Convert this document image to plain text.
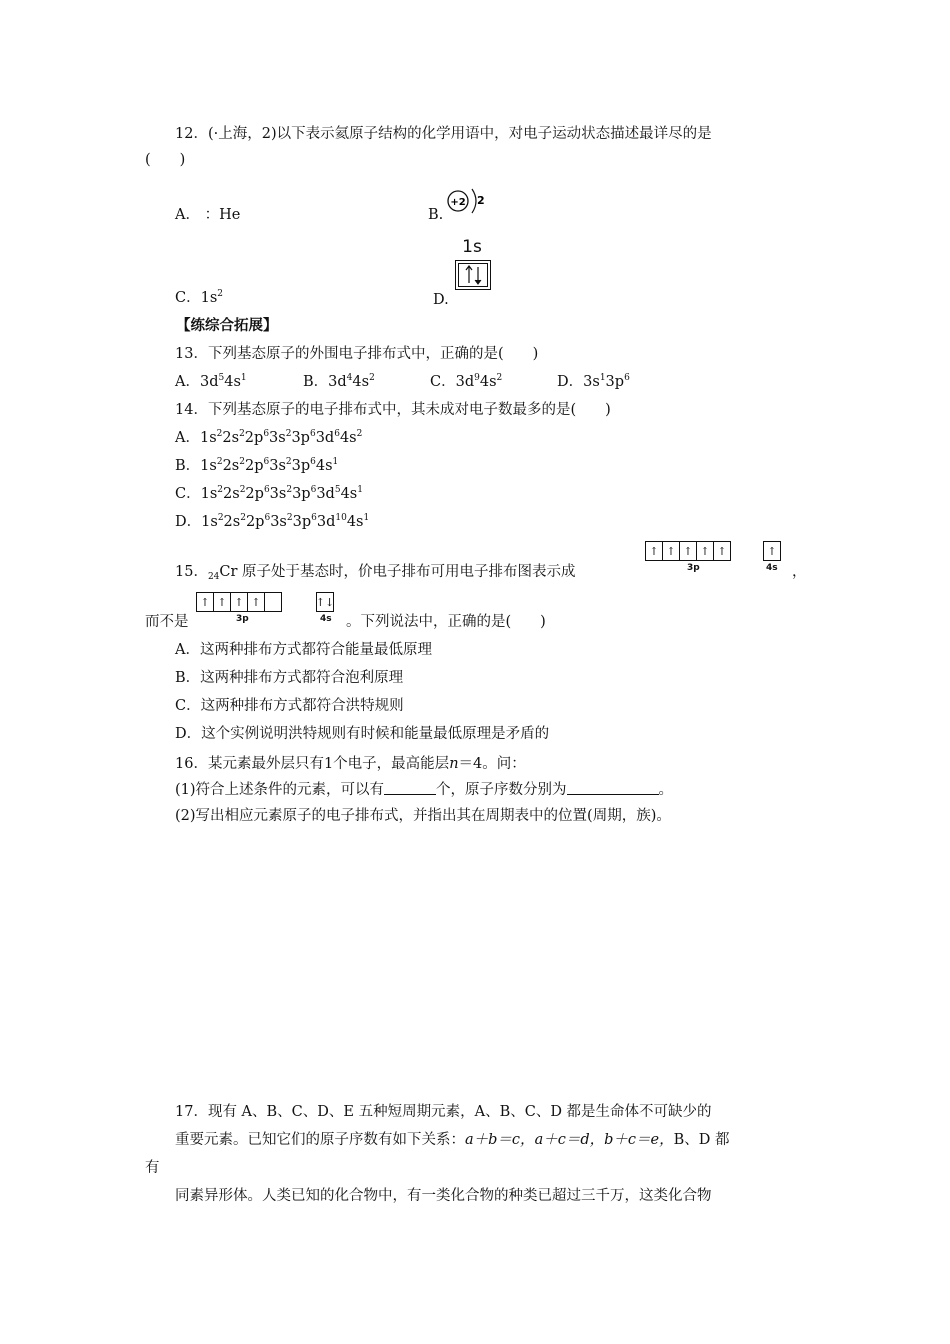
12．(·上海，2)以下表示氦原子结构的化学用语中，对电子运动状态描述最详尽的是
(　　)
A． ：He	B.
+2 2
C．$1s^2$	D.
1s
【练综合拓展】
13．下列基态原子的外围电子排布式中，正确的是(　　)
A．$3d^54s^1$	B．$3d^44s^2$	C．$3d^94s^2$	D．$3s^13p^6$
14．下列基态原子的电子排布式中，其未成对电子数最多的是(　　)
A．$1s^22s^22p^63s^23p^63d^64s^2$
B．$1s^22s^22p^63s^23p^64s^1$
C．$1s^22s^22p^63s^23p^63d^54s^1$
D．$1s^22s^22p^63s^23p^63d^{10}4s^1$
15．$_{24}$Cr 原子处于基态时，价电子排布可用电子排布图表示成
↑ ↑ ↑ ↑ ↑	↑
3p	4s ，
而不是
↑ ↑ ↑ ↑	↑↓
3p	4s 。下列说法中，正确的是(　　)
A．这两种排布方式都符合能量最低原理
B．这两种排布方式都符合泡利原理
C．这两种排布方式都符合洪特规则
D．这个实例说明洪特规则有时候和能量最低原理是矛盾的
16．某元素最外层只有1个电子，最高能层n＝4。问：
(1)符合上述条件的元素，可以有	个，原子序数分别为	。
(2)写出相应元素原子的电子排布式，并指出其在周期表中的位置(周期，族)。
17．现有 A、B、C、D、E 五种短周期元素，A、B、C、D 都是生命体不可缺少的
重要元素。已知它们的原子序数有如下关系：a＋b＝c，a＋c＝d，b＋c＝e，B、D 都
有
同素异形体。人类已知的化合物中，有一类化合物的种类已超过三千万，这类化合物
